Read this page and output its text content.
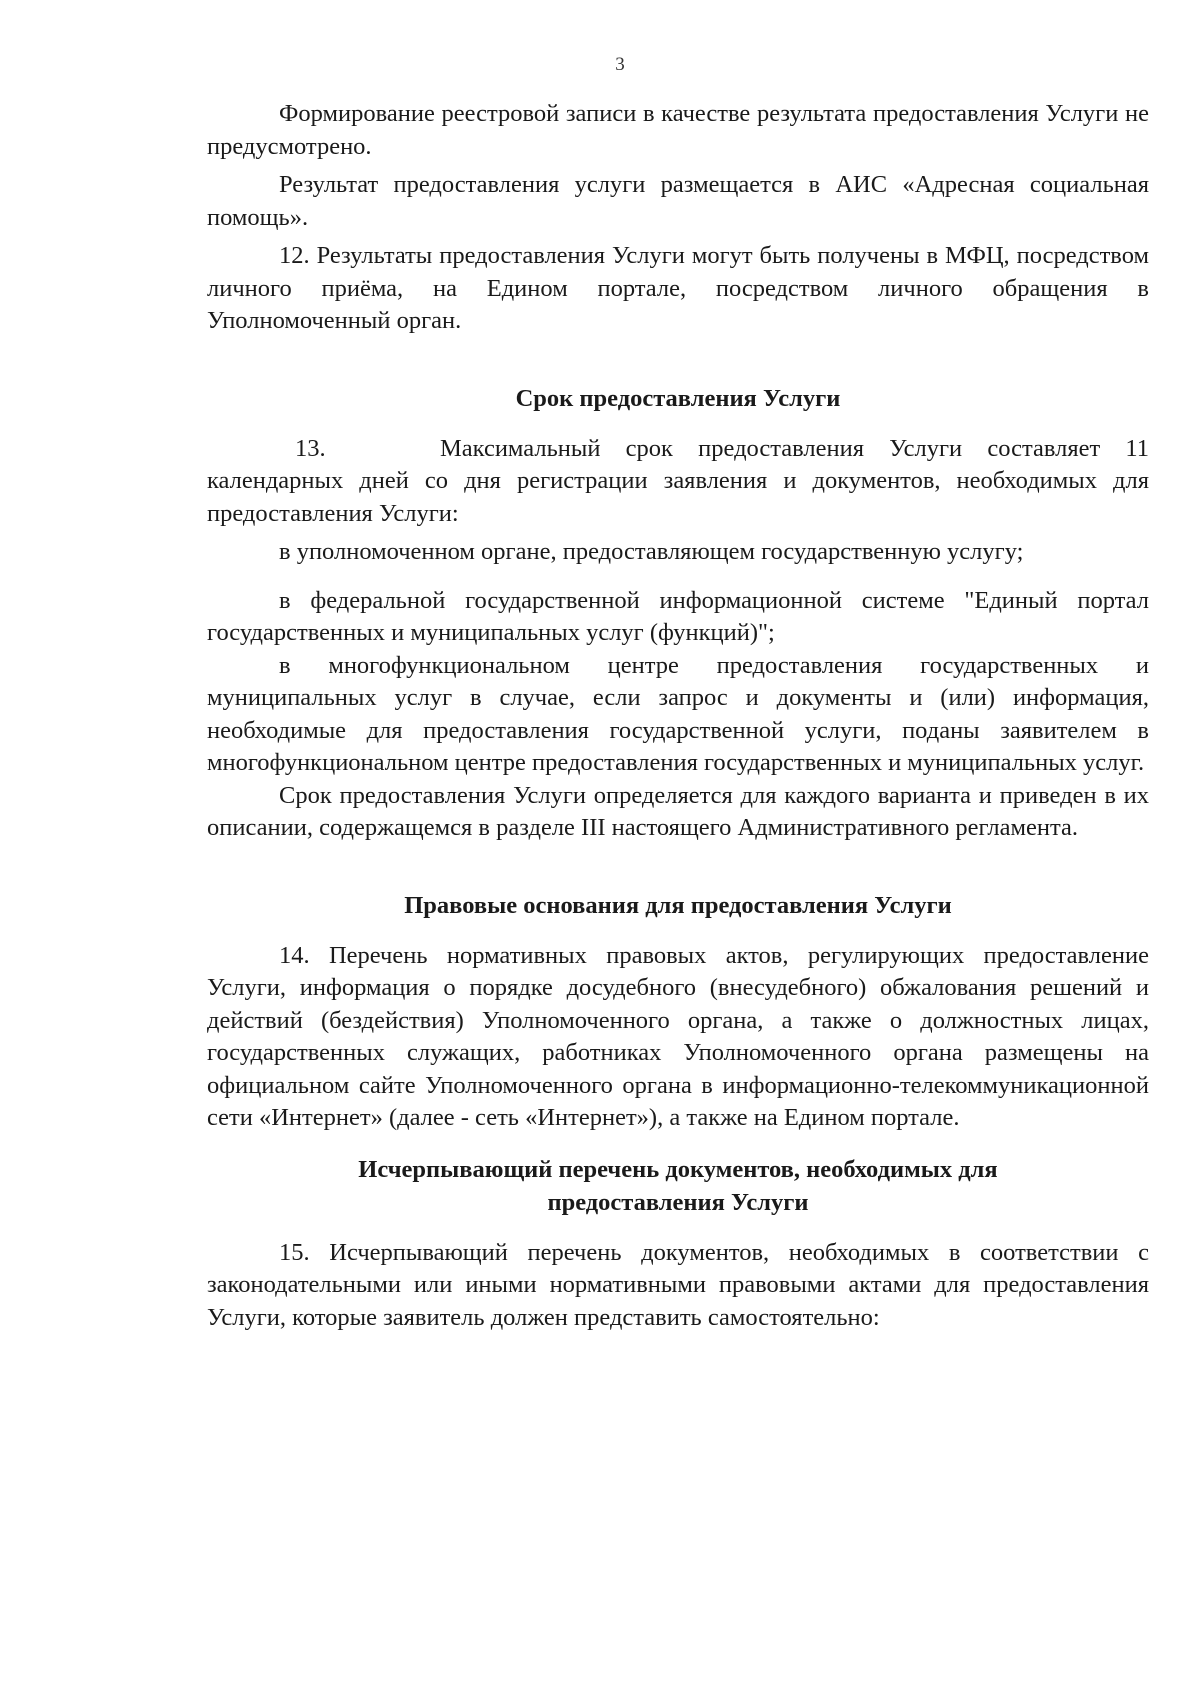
3

Формирование реестровой записи в качестве результата предоставления Услуги не предусмотрено.

Результат предоставления услуги размещается в АИС «Адресная социальная помощь».

12. Результаты предоставления Услуги могут быть получены в МФЦ, посредством личного приёма, на Едином портале, посредством личного обращения в Уполномоченный орган.

Срок предоставления Услуги

13.	Максимальный срок предоставления Услуги составляет 11 календарных дней со дня регистрации заявления и документов, необходимых для предоставления Услуги:

в уполномоченном органе, предоставляющем государственную услугу;

в федеральной государственной информационной системе "Единый портал государственных и муниципальных услуг (функций)";

в многофункциональном центре предоставления государственных и муниципальных услуг в случае, если запрос и документы и (или) информация, необходимые для предоставления государственной услуги, поданы заявителем в многофункциональном центре предоставления государственных и муниципальных услуг.

Срок предоставления Услуги определяется для каждого варианта и приведен в их описании, содержащемся в разделе III настоящего Административного регламента.

Правовые основания для предоставления Услуги

14. Перечень нормативных правовых актов, регулирующих предоставление Услуги, информация о порядке досудебного (внесудебного) обжалования решений и действий (бездействия) Уполномоченного органа, а также о должностных лицах, государственных служащих, работниках Уполномоченного органа размещены на официальном сайте Уполномоченного органа в информационно-телекоммуникационной сети «Интернет» (далее - сеть «Интернет»), а также на Едином портале.

Исчерпывающий перечень документов, необходимых для
предоставления Услуги

15. Исчерпывающий перечень документов, необходимых в соответствии с законодательными или иными нормативными правовыми актами для предоставления Услуги, которые заявитель должен представить самостоятельно:
